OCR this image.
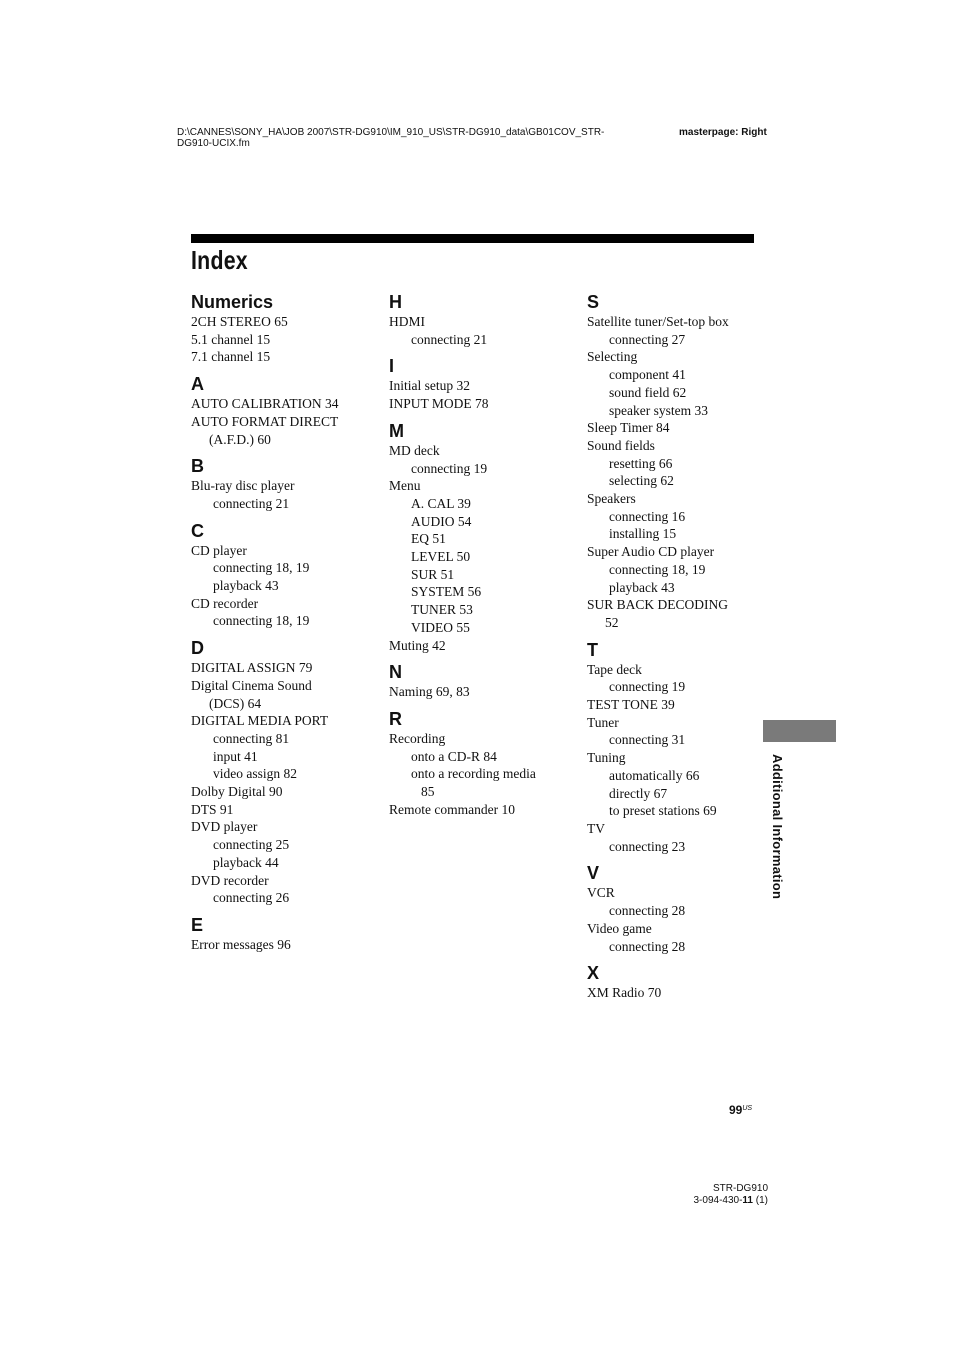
D:\CANNES\SONY_HA\JOB 2007\STR-DG910\IM_910_US\STR-DG910_data\GB01COV_STR-
DG910-UCIX.fm
masterpage: Right
Index
Numerics
2CH STEREO 65
5.1 channel 15
7.1 channel 15
A
AUTO CALIBRATION 34
AUTO FORMAT DIRECT
(A.F.D.) 60
B
Blu-ray disc player
connecting 21
C
CD player
connecting 18, 19
playback 43
CD recorder
connecting 18, 19
D
DIGITAL ASSIGN 79
Digital Cinema Sound
(DCS) 64
DIGITAL MEDIA PORT
connecting 81
input 41
video assign 82
Dolby Digital 90
DTS 91
DVD player
connecting 25
playback 44
DVD recorder
connecting 26
E
Error messages 96
H
HDMI
connecting 21
I
Initial setup 32
INPUT MODE 78
M
MD deck
connecting 19
Menu
A. CAL 39
AUDIO 54
EQ 51
LEVEL 50
SUR 51
SYSTEM 56
TUNER 53
VIDEO 55
Muting 42
N
Naming 69, 83
R
Recording
onto a CD-R 84
onto a recording media
85
Remote commander 10
S
Satellite tuner/Set-top box
connecting 27
Selecting
component 41
sound field 62
speaker system 33
Sleep Timer 84
Sound fields
resetting 66
selecting 62
Speakers
connecting 16
installing 15
Super Audio CD player
connecting 18, 19
playback 43
SUR BACK DECODING
52
T
Tape deck
connecting 19
TEST TONE 39
Tuner
connecting 31
Tuning
automatically 66
directly 67
to preset stations 69
TV
connecting 23
V
VCR
connecting 28
Video game
connecting 28
X
XM Radio 70
Additional Information
$99^{US}$
STR-DG910
3-094-430-11 (1)
